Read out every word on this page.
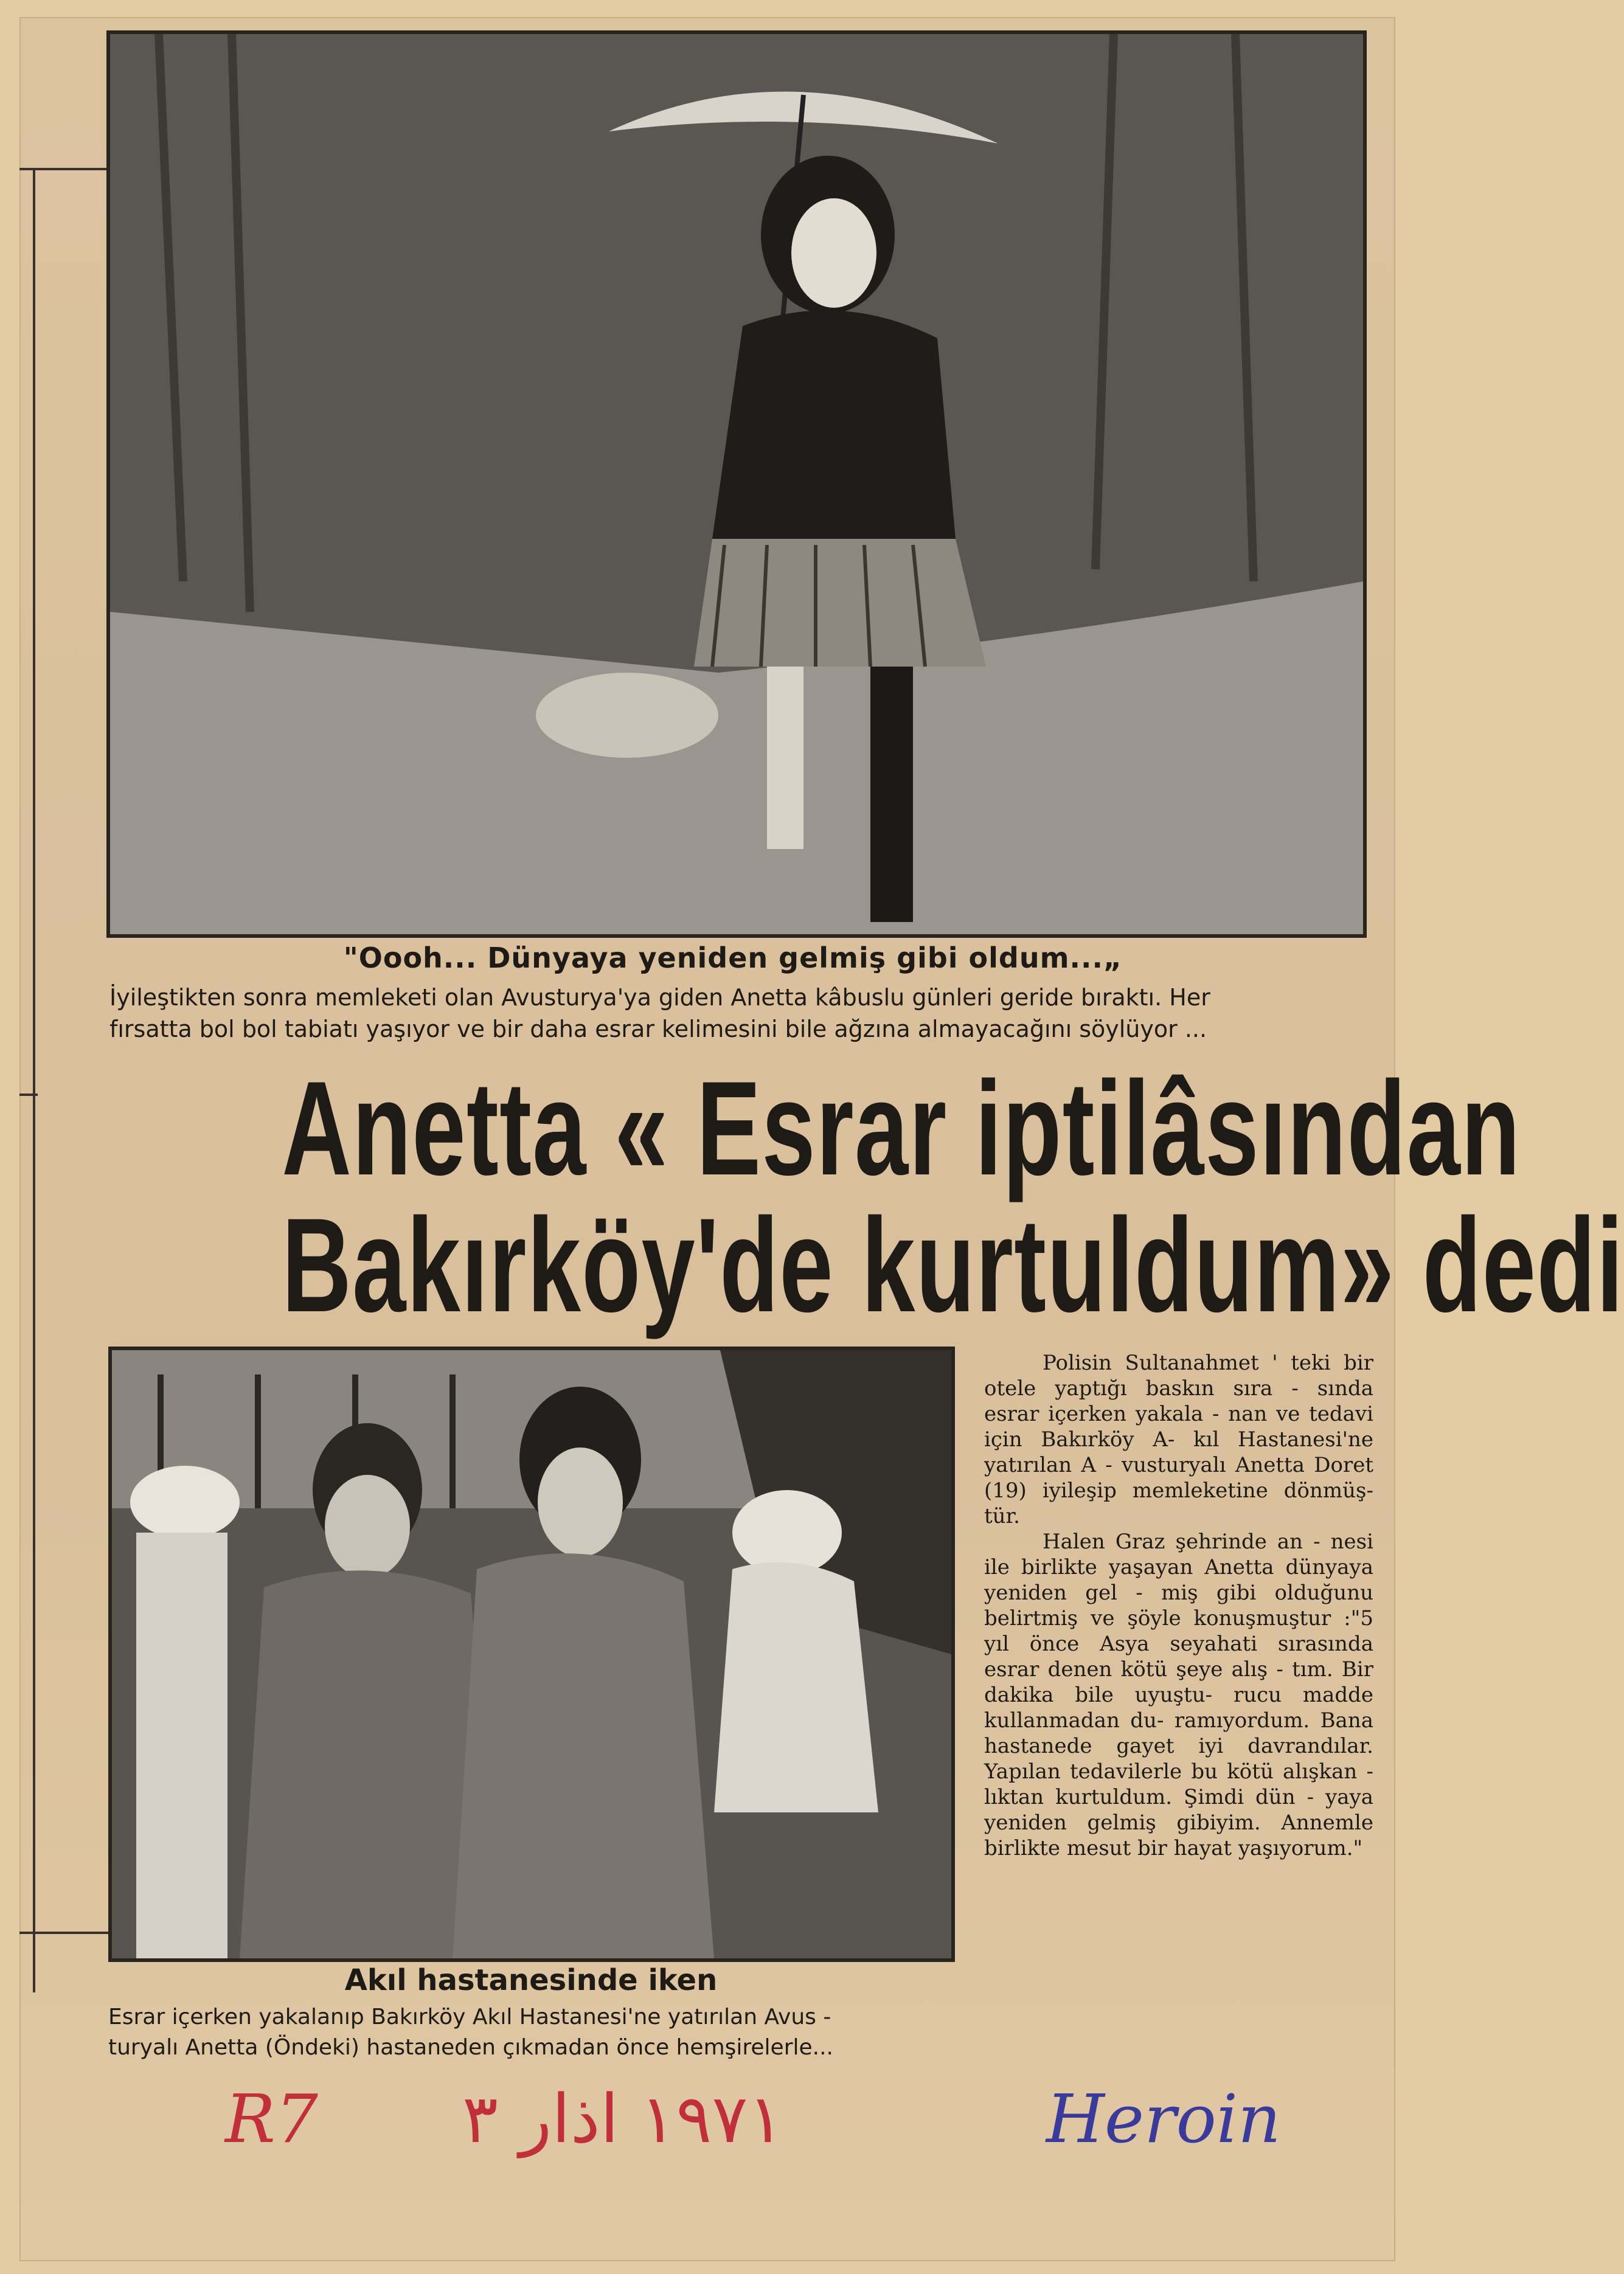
"Oooh... Dünyaya yeniden gelmiş gibi oldum...„
İyileştikten sonra memleketi olan Avusturya'ya giden Anetta kâbuslu günleri geride bıraktı. Her
fırsatta bol bol tabiatı yaşıyor ve bir daha esrar kelimesini bile ağzına almayacağını söylüyor ...
Anetta « Esrar iptilâsından
Bakırköy'de kurtuldum» dedi
Akıl hastanesinde iken
Esrar içerken yakalanıp Bakırköy Akıl Hastanesi'ne yatırılan Avus -
turyalı Anetta (Öndeki) hastaneden çıkmadan önce hemşirelerle...

Polisin Sultanahmet ' teki bir otele yaptığı baskın sıra - sında esrar içerken yakala - nan ve tedavi için Bakırköy A- kıl Hastanesi'ne yatırılan A - vusturyalı Anetta Doret (19) iyileşip memleketine dönmüş- tür.

Halen Graz şehrinde an - nesi ile birlikte yaşayan Anetta dünyaya yeniden gel - miş gibi olduğunu belirtmiş ve şöyle konuşmuştur :"5 yıl önce Asya seyahati sırasında esrar denen kötü şeye alış - tım. Bir dakika bile uyuştu- rucu madde kullanmadan du- ramıyordum. Bana hastanede gayet iyi davrandılar. Yapılan tedavilerle bu kötü alışkan - lıktan kurtuldum. Şimdi dün - yaya yeniden gelmiş gibiyim. Annemle birlikte mesut bir hayat yaşıyorum."

R7 ١٩٧١ اذار ٣	Heroin
